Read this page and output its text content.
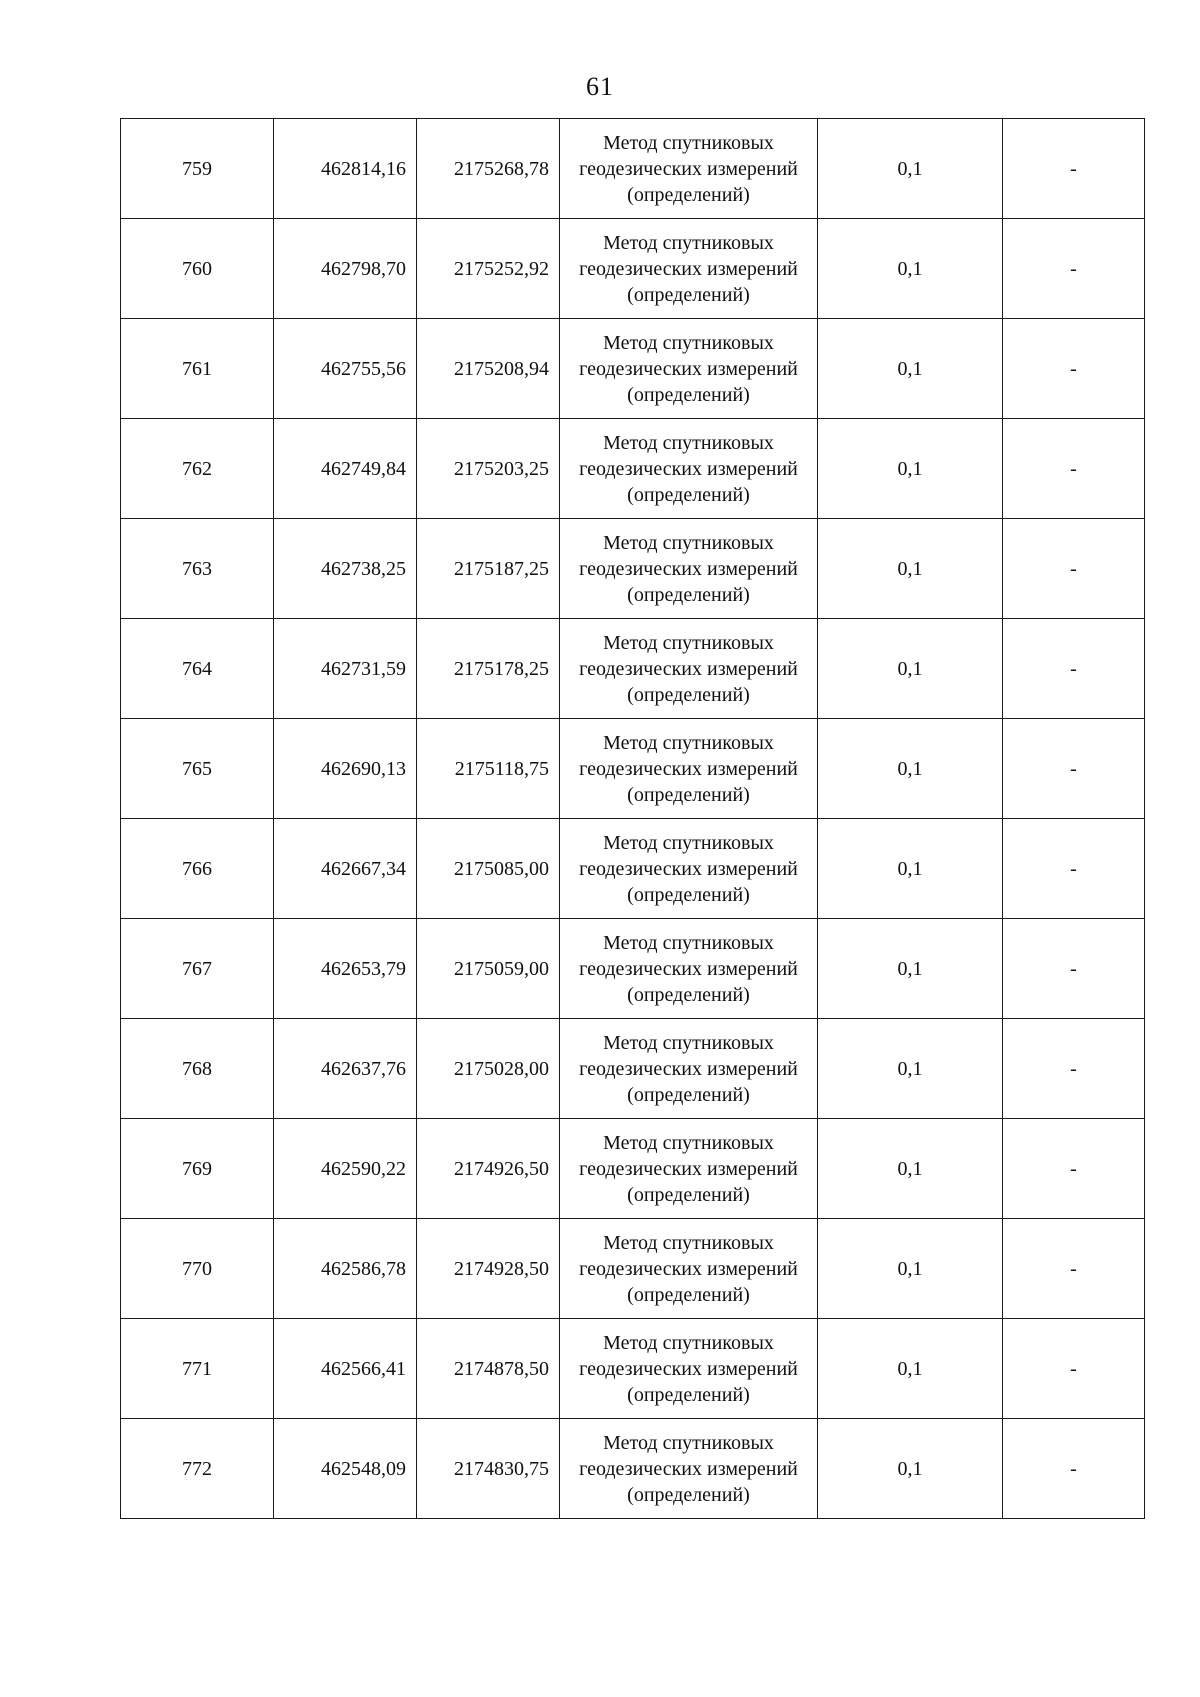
61
759	462814,16	2175268,78	Метод спутниковых
геодезических измерений
(определений)	0,1	-
760	462798,70	2175252,92	Метод спутниковых
геодезических измерений
(определений)	0,1	-
761	462755,56	2175208,94	Метод спутниковых
геодезических измерений
(определений)	0,1	-
762	462749,84	2175203,25	Метод спутниковых
геодезических измерений
(определений)	0,1	-
763	462738,25	2175187,25	Метод спутниковых
геодезических измерений
(определений)	0,1	-
764	462731,59	2175178,25	Метод спутниковых
геодезических измерений
(определений)	0,1	-
765	462690,13	2175118,75	Метод спутниковых
геодезических измерений
(определений)	0,1	-
766	462667,34	2175085,00	Метод спутниковых
геодезических измерений
(определений)	0,1	-
767	462653,79	2175059,00	Метод спутниковых
геодезических измерений
(определений)	0,1	-
768	462637,76	2175028,00	Метод спутниковых
геодезических измерений
(определений)	0,1	-
769	462590,22	2174926,50	Метод спутниковых
геодезических измерений
(определений)	0,1	-
770	462586,78	2174928,50	Метод спутниковых
геодезических измерений
(определений)	0,1	-
771	462566,41	2174878,50	Метод спутниковых
геодезических измерений
(определений)	0,1	-
772	462548,09	2174830,75	Метод спутниковых
геодезических измерений
(определений)	0,1	-
